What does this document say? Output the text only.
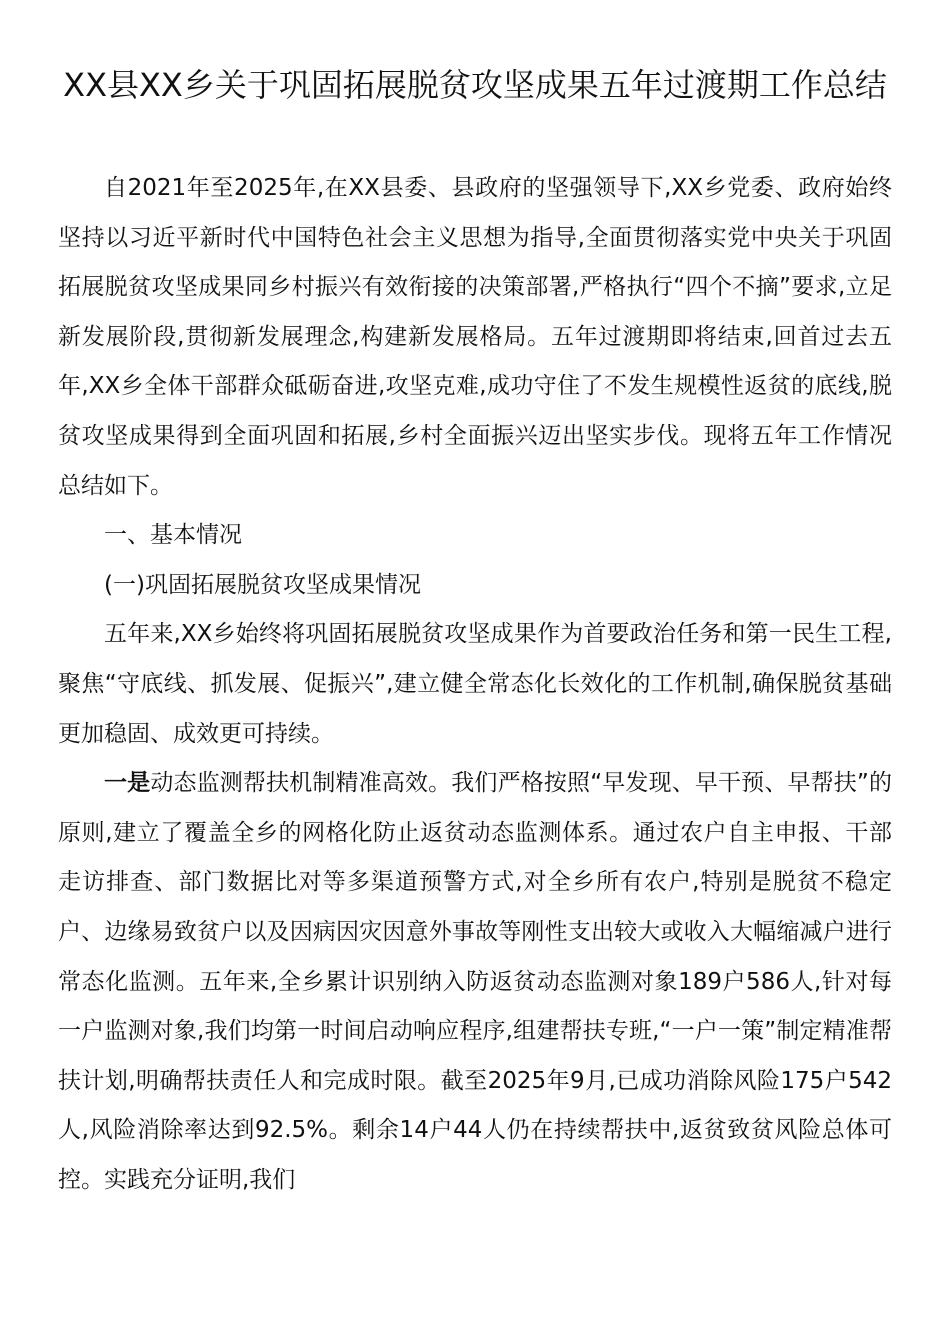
XX县XX乡关于巩固拓展脱贫攻坚成果五年过渡期工作总结

自2021年至2025年,在XX县委、县政府的坚强领导下,XX乡党委、政府始终坚持以习近平新时代中国特色社会主义思想为指导,全面贯彻落实党中央关于巩固拓展脱贫攻坚成果同乡村振兴有效衔接的决策部署,严格执行“四个不摘”要求,立足新发展阶段,贯彻新发展理念,构建新发展格局。五年过渡期即将结束,回首过去五年,XX乡全体干部群众砥砺奋进,攻坚克难,成功守住了不发生规模性返贫的底线,脱贫攻坚成果得到全面巩固和拓展,乡村全面振兴迈出坚实步伐。现将五年工作情况总结如下。

一、基本情况

(一)巩固拓展脱贫攻坚成果情况

五年来,XX乡始终将巩固拓展脱贫攻坚成果作为首要政治任务和第一民生工程,聚焦“守底线、抓发展、促振兴”,建立健全常态化长效化的工作机制,确保脱贫基础更加稳固、成效更可持续。

一是动态监测帮扶机制精准高效。我们严格按照“早发现、早干预、早帮扶”的原则,建立了覆盖全乡的网格化防止返贫动态监测体系。通过农户自主申报、干部走访排查、部门数据比对等多渠道预警方式,对全乡所有农户,特别是脱贫不稳定户、边缘易致贫户以及因病因灾因意外事故等刚性支出较大或收入大幅缩减户进行常态化监测。五年来,全乡累计识别纳入防返贫动态监测对象189户586人,针对每一户监测对象,我们均第一时间启动响应程序,组建帮扶专班,“一户一策”制定精准帮扶计划,明确帮扶责任人和完成时限。截至2025年9月,已成功消除风险175户542人,风险消除率达到92.5%。剩余14户44人仍在持续帮扶中,返贫致贫风险总体可控。实践充分证明,我们
